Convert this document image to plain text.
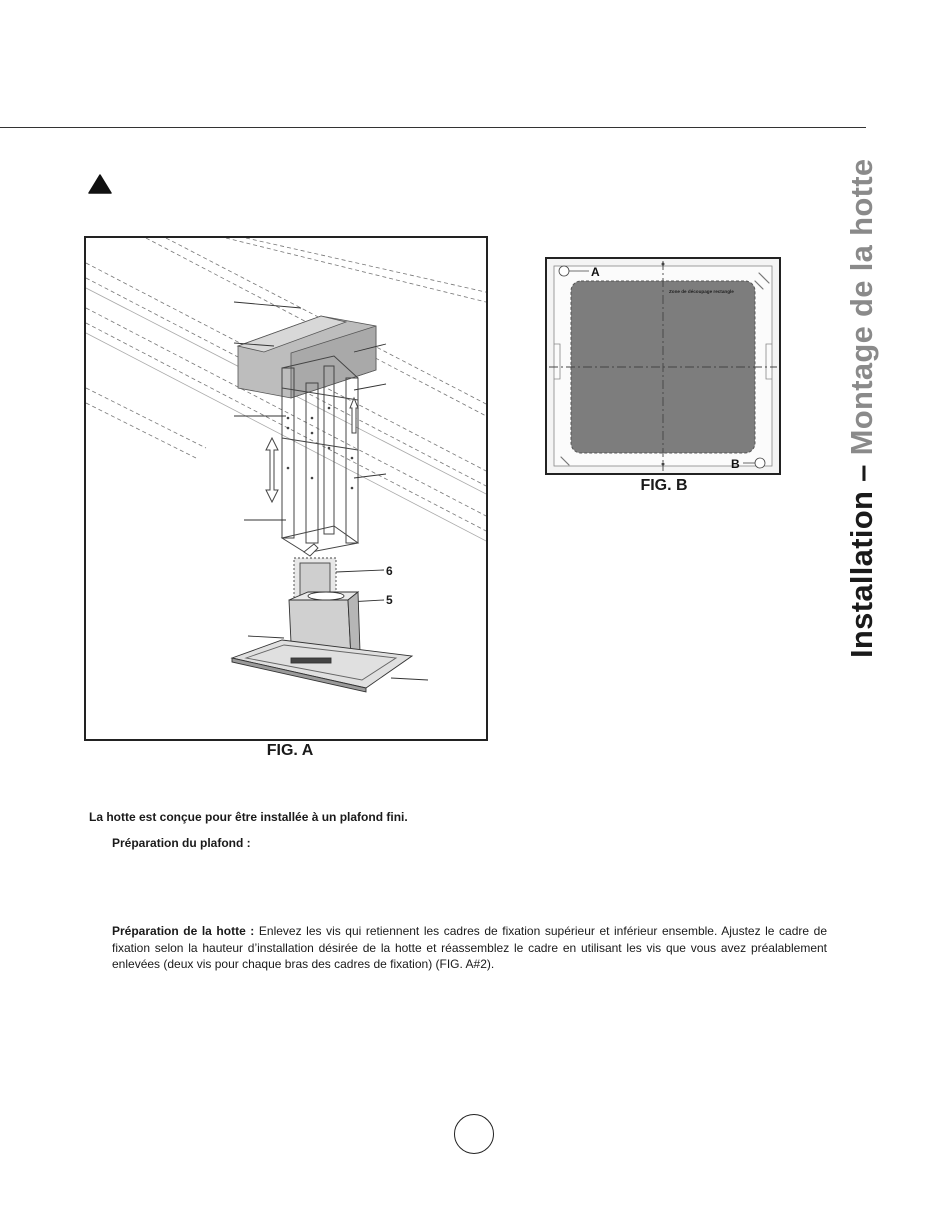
Installation – Montage de la hotte
6
5
FIG. A
A
B
Zone de découpage rectangle
FIG. B
La hotte est conçue pour être installée à un plafond fini.
Préparation du plafond :
Préparation de la hotte : Enlevez les vis qui retiennent les cadres de fixation supérieur et inférieur ensemble. Ajustez le cadre de fixation selon la hauteur d’installation désirée de la hotte et réassemblez le cadre en utilisant les vis que vous avez préalablement enlevées (deux vis pour chaque bras des cadres de fixation) (FIG. A#2).
